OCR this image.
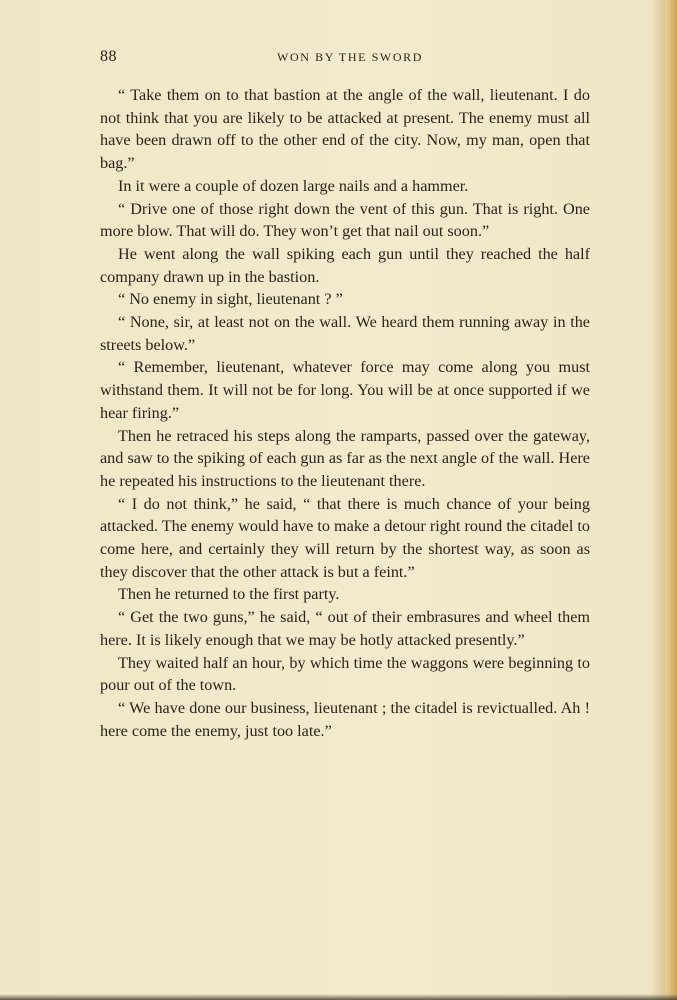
88	WON BY THE SWORD

“ Take them on to that bastion at the angle of the wall, lieutenant. I do not think that you are likely to be attacked at present. The enemy must all have been drawn off to the other end of the city. Now, my man, open that bag.”

In it were a couple of dozen large nails and a hammer.

“ Drive one of those right down the vent of this gun. That is right. One more blow. That will do. They won’t get that nail out soon.”

He went along the wall spiking each gun until they reached the half company drawn up in the bastion.

“ No enemy in sight, lieutenant ? ”

“ None, sir, at least not on the wall. We heard them running away in the streets below.”

“ Remember, lieutenant, whatever force may come along you must withstand them. It will not be for long. You will be at once supported if we hear firing.”

Then he retraced his steps along the ramparts, passed over the gateway, and saw to the spiking of each gun as far as the next angle of the wall. Here he repeated his instructions to the lieutenant there.

“ I do not think,” he said, “ that there is much chance of your being attacked. The enemy would have to make a detour right round the citadel to come here, and certainly they will return by the shortest way, as soon as they discover that the other attack is but a feint.”

Then he returned to the first party.

“ Get the two guns,” he said, “ out of their embrasures and wheel them here. It is likely enough that we may be hotly attacked presently.”

They waited half an hour, by which time the waggons were beginning to pour out of the town.

“ We have done our business, lieutenant ; the citadel is revictualled. Ah ! here come the enemy, just too late.”
